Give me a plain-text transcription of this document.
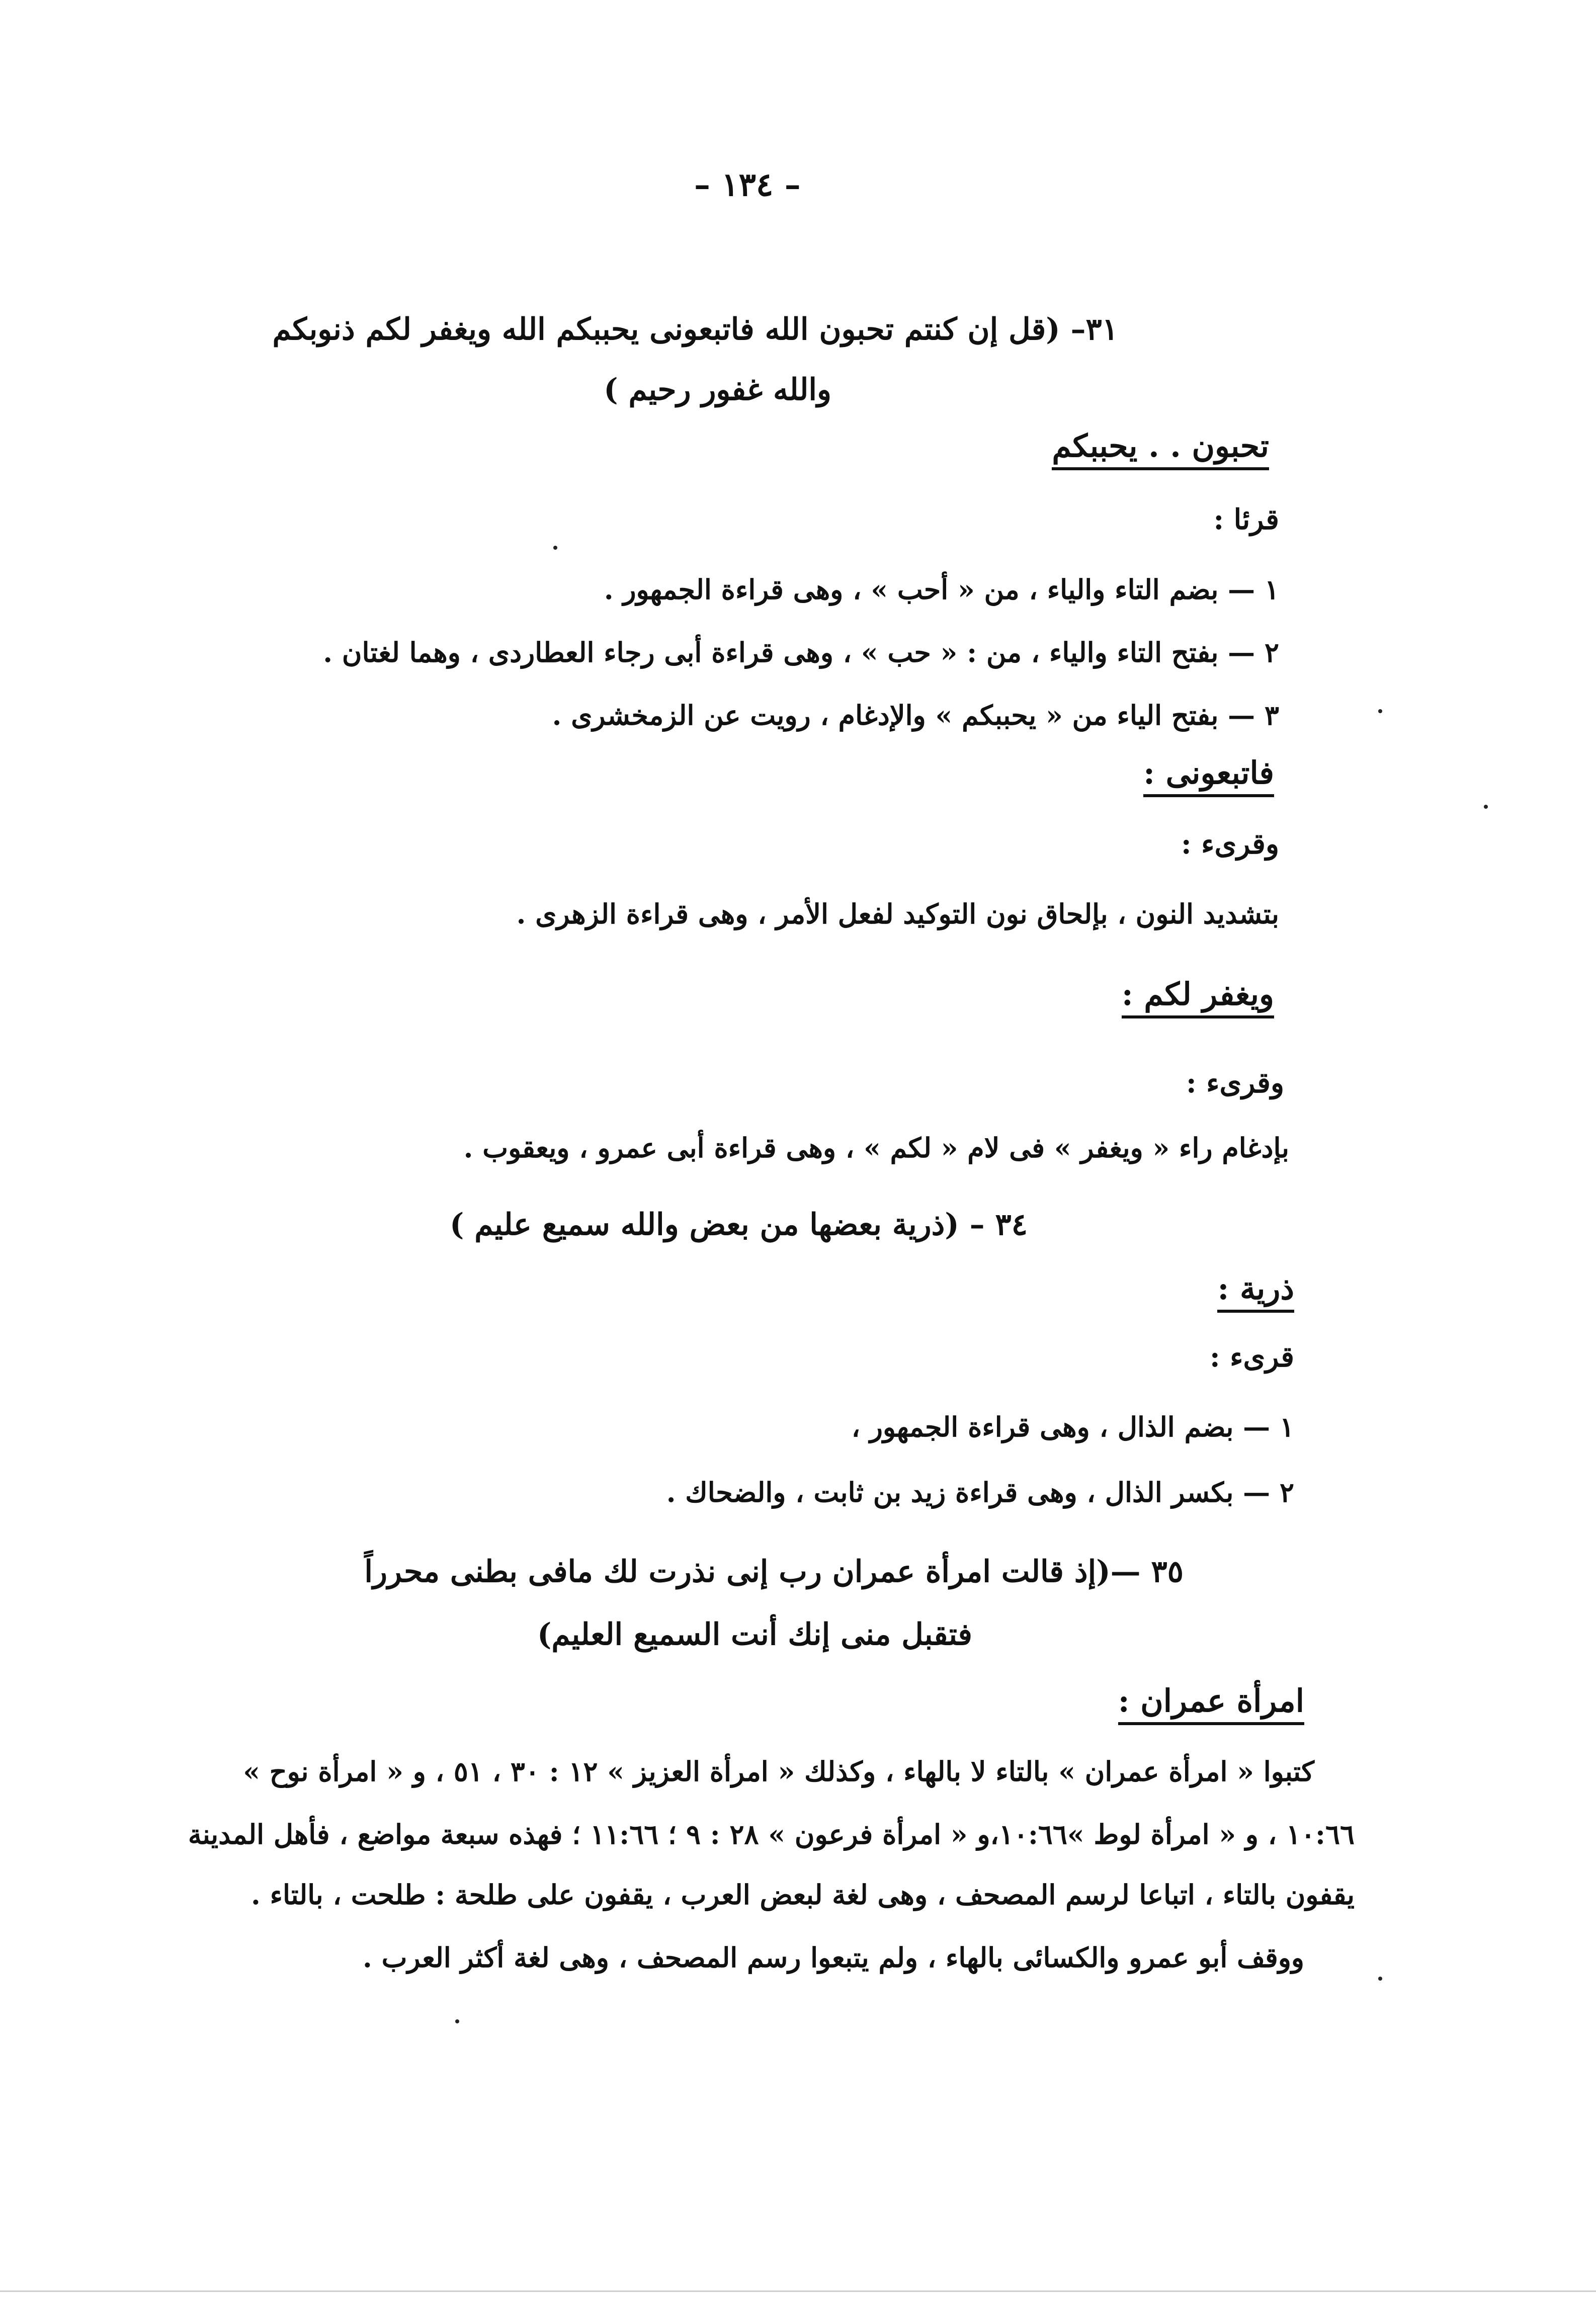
– ١٣٤ –
٣١– (قل إن كنتم تحبون الله فاتبعونى يحببكم الله ويغفر لكم ذنوبكم
والله غفور رحيم )
تحبون . . يحببكم
قرئا :
١ — بضم التاء والياء ، من « أحب » ، وهى قراءة الجمهور .
٢ — بفتح التاء والياء ، من : « حب » ، وهى قراءة أبى رجاء العطاردى ، وهما لغتان .
٣ — بفتح الياء من « يحببكم » والإدغام ، رويت عن الزمخشرى .
فاتبعونى :
وقرىء :
بتشديد النون ، بإلحاق نون التوكيد لفعل الأمر ، وهى قراءة الزهرى .
ويغفر لكم :
وقرىء :
بإدغام راء « ويغفر » فى لام « لكم » ، وهى قراءة أبى عمرو ، ويعقوب .
٣٤ – (ذرية بعضها من بعض والله سميع عليم )
ذرية :
قرىء :
١ — بضم الذال ، وهى قراءة الجمهور ،
٢ — بكسر الذال ، وهى قراءة زيد بن ثابت ، والضحاك .
٣٥ —(إذ قالت امرأة عمران رب إنى نذرت لك مافى بطنى محرراً
فتقبل منى إنك أنت السميع العليم)
امرأة عمران :
كتبوا « امرأة عمران » بالتاء لا بالهاء ، وكذلك « امرأة العزيز » ١٢ : ٣٠ ، ٥١ ، و « امرأة نوح »
١٠:٦٦ ، و « امرأة لوط »١٠:٦٦،و « امرأة فرعون » ٢٨ : ٩ ؛ ١١:٦٦ ؛ فهذه سبعة مواضع ، فأهل المدينة
يقفون بالتاء ، اتباعا لرسم المصحف ، وهى لغة لبعض العرب ، يقفون على طلحة : طلحت ، بالتاء .
ووقف أبو عمرو والكسائى بالهاء ، ولم يتبعوا رسم المصحف ، وهى لغة أكثر العرب .
